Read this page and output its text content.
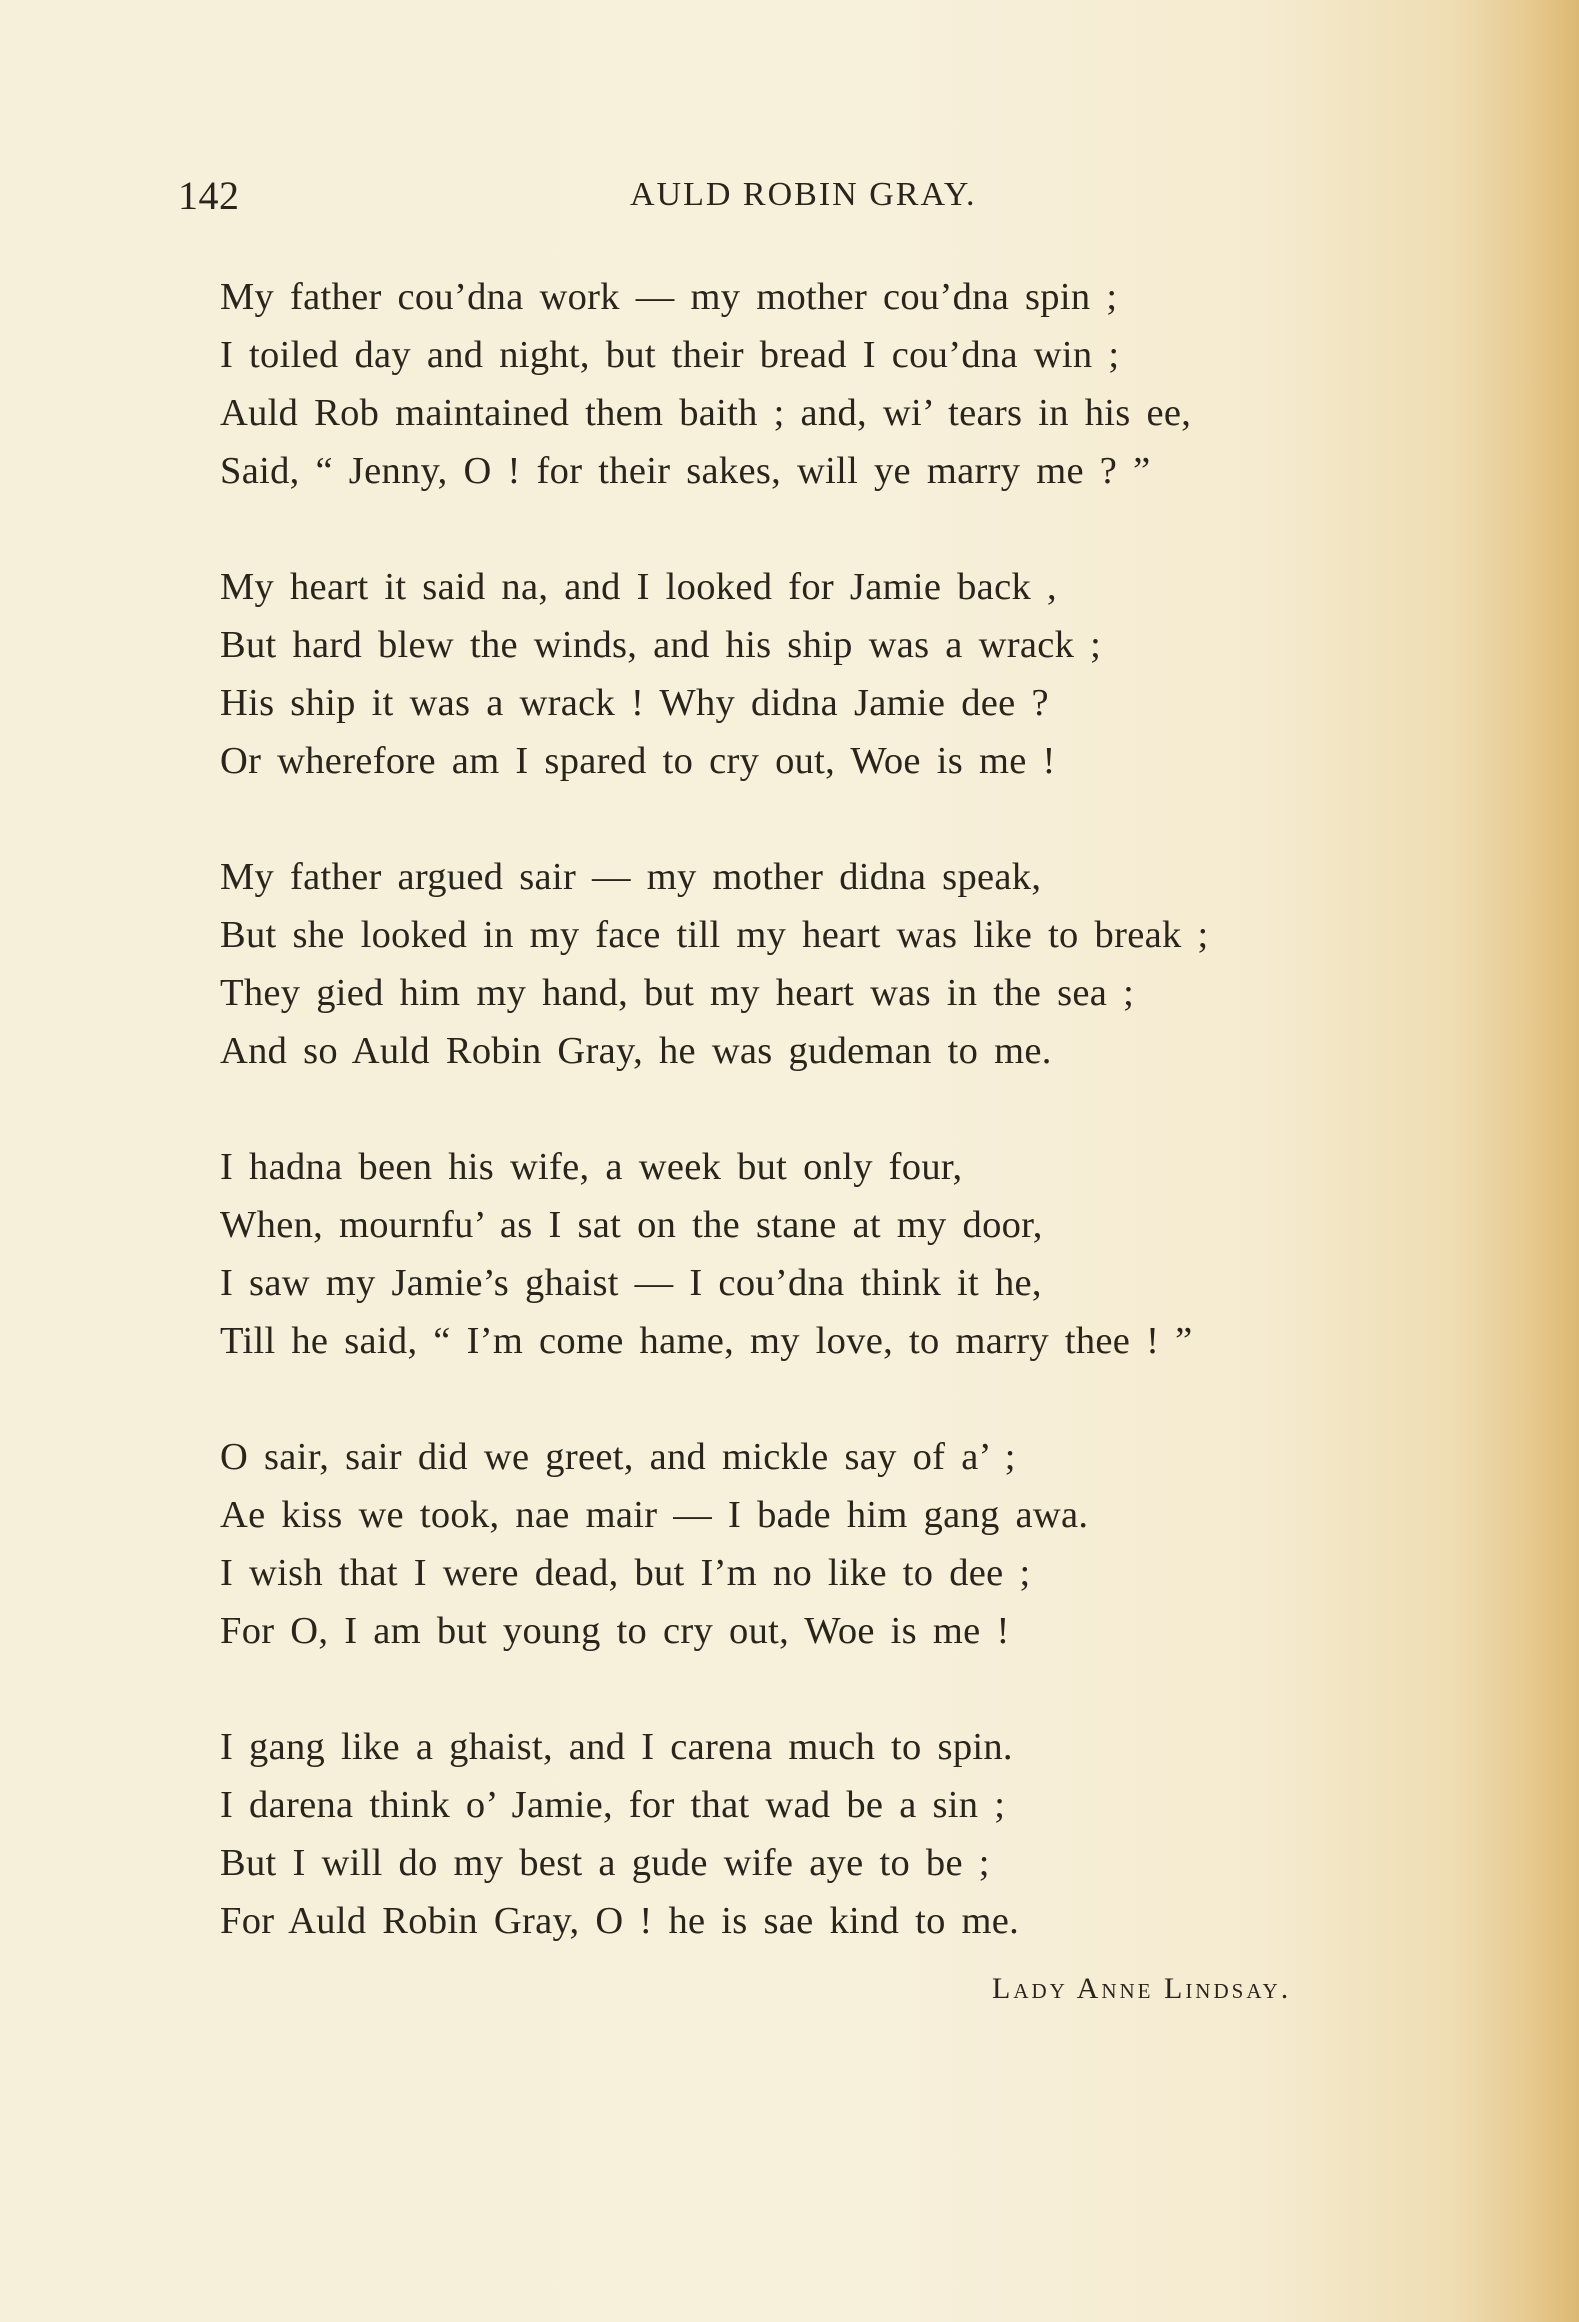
142	AULD ROBIN GRAY.
My father cou’dna work — my mother cou’dna spin ;
I toiled day and night, but their bread I cou’dna win ;
Auld Rob maintained them baith ; and, wi’ tears in his ee,
Said, “ Jenny, O ! for their sakes, will ye marry me ? ”
My heart it said na, and I looked for Jamie back ,
But hard blew the winds, and his ship was a wrack ;
His ship it was a wrack ! Why didna Jamie dee ?
Or wherefore am I spared to cry out, Woe is me !
My father argued sair — my mother didna speak,
But she looked in my face till my heart was like to break ;
They gied him my hand, but my heart was in the sea ;
And so Auld Robin Gray, he was gudeman to me.
I hadna been his wife, a week but only four,
When, mournfu’ as I sat on the stane at my door,
I saw my Jamie’s ghaist — I cou’dna think it he,
Till he said, “ I’m come hame, my love, to marry thee ! ”
O sair, sair did we greet, and mickle say of a’ ;
Ae kiss we took, nae mair — I bade him gang awa.
I wish that I were dead, but I’m no like to dee ;
For O, I am but young to cry out, Woe is me !
I gang like a ghaist, and I carena much to spin.
I darena think o’ Jamie, for that wad be a sin ;
But I will do my best a gude wife aye to be ;
For Auld Robin Gray, O ! he is sae kind to me.
Lady Anne Lindsay.
